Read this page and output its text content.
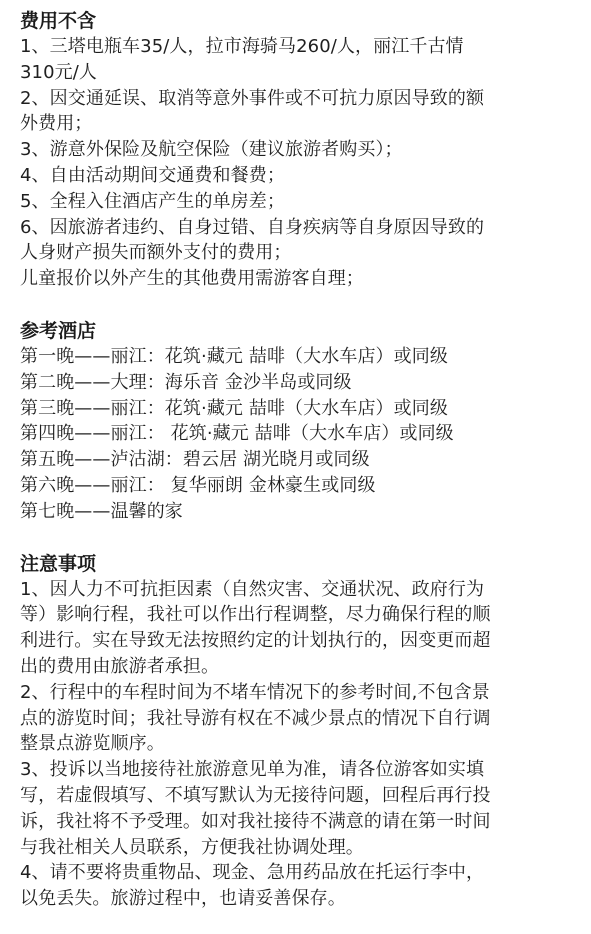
费用不含
1、三塔电瓶车35/人，拉市海骑马260/人，丽江千古情
310元/人
2、因交通延误、取消等意外事件或不可抗力原因导致的额
外费用；
3、游意外保险及航空保险（建议旅游者购买）；
4、自由活动期间交通费和餐费；
5、全程入住酒店产生的单房差；
6、因旅游者违约、自身过错、自身疾病等自身原因导致的
人身财产损失而额外支付的费用；
儿童报价以外产生的其他费用需游客自理；
参考酒店
第一晚——丽江：花筑·藏元 喆啡（大水车店）或同级
第二晚——大理：海乐音 金沙半岛或同级
第三晚——丽江：花筑·藏元 喆啡（大水车店）或同级
第四晚——丽江： 花筑·藏元 喆啡（大水车店）或同级
第五晚——泸沽湖：碧云居 湖光晓月或同级
第六晚——丽江： 复华丽朗 金林豪生或同级
第七晚——温馨的家
注意事项
1、因人力不可抗拒因素（自然灾害、交通状况、政府行为
等）影响行程，我社可以作出行程调整，尽力确保行程的顺
利进行。实在导致无法按照约定的计划执行的，因变更而超
出的费用由旅游者承担。
2、行程中的车程时间为不堵车情况下的参考时间,不包含景
点的游览时间；我社导游有权在不减少景点的情况下自行调
整景点游览顺序。
3、投诉以当地接待社旅游意见单为准，请各位游客如实填
写，若虚假填写、不填写默认为无接待问题，回程后再行投
诉，我社将不予受理。如对我社接待不满意的请在第一时间
与我社相关人员联系，方便我社协调处理。
4、请不要将贵重物品、现金、急用药品放在托运行李中，
以免丢失。旅游过程中，也请妥善保存。
